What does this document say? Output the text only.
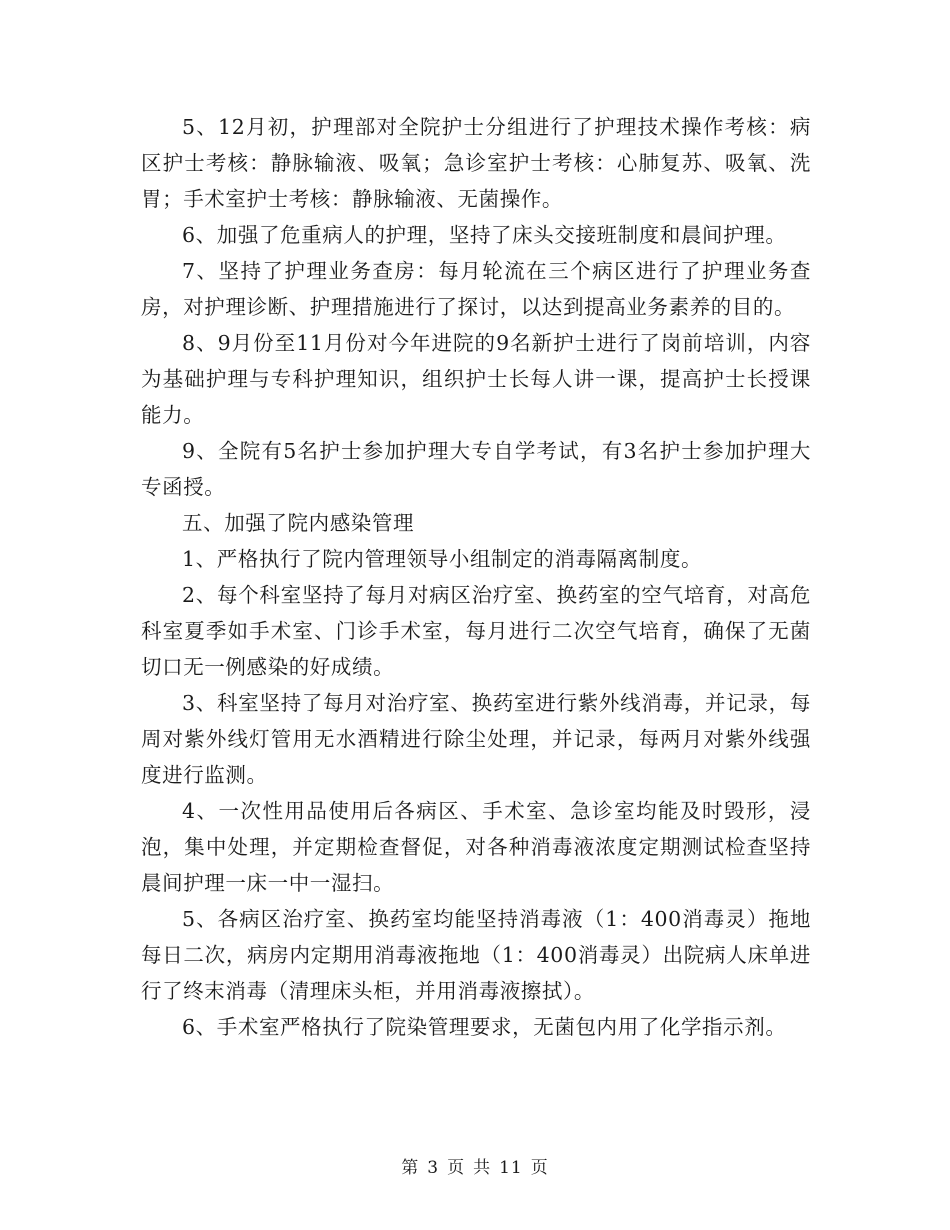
5、12月初，护理部对全院护士分组进行了护理技术操作考核：病区护士考核：静脉输液、吸氧；急诊室护士考核：心肺复苏、吸氧、洗胃；手术室护士考核：静脉输液、无菌操作。

6、加强了危重病人的护理，坚持了床头交接班制度和晨间护理。

7、坚持了护理业务查房：每月轮流在三个病区进行了护理业务查房，对护理诊断、护理措施进行了探讨，以达到提高业务素养的目的。

8、9月份至11月份对今年进院的9名新护士进行了岗前培训，内容为基础护理与专科护理知识，组织护士长每人讲一课，提高护士长授课能力。

9、全院有5名护士参加护理大专自学考试，有3名护士参加护理大专函授。

五、加强了院内感染管理

1、严格执行了院内管理领导小组制定的消毒隔离制度。

2、每个科室坚持了每月对病区治疗室、换药室的空气培育，对高危科室夏季如手术室、门诊手术室，每月进行二次空气培育，确保了无菌切口无一例感染的好成绩。

3、科室坚持了每月对治疗室、换药室进行紫外线消毒，并记录，每周对紫外线灯管用无水酒精进行除尘处理，并记录，每两月对紫外线强度进行监测。

4、一次性用品使用后各病区、手术室、急诊室均能及时毁形，浸泡，集中处理，并定期检查督促，对各种消毒液浓度定期测试检查坚持晨间护理一床一中一湿扫。

5、各病区治疗室、换药室均能坚持消毒液（1：400消毒灵）拖地每日二次，病房内定期用消毒液拖地（1：400消毒灵）出院病人床单进行了终末消毒（清理床头柜，并用消毒液擦拭）。

6、手术室严格执行了院染管理要求，无菌包内用了化学指示剂。

第 3 页 共 11 页
